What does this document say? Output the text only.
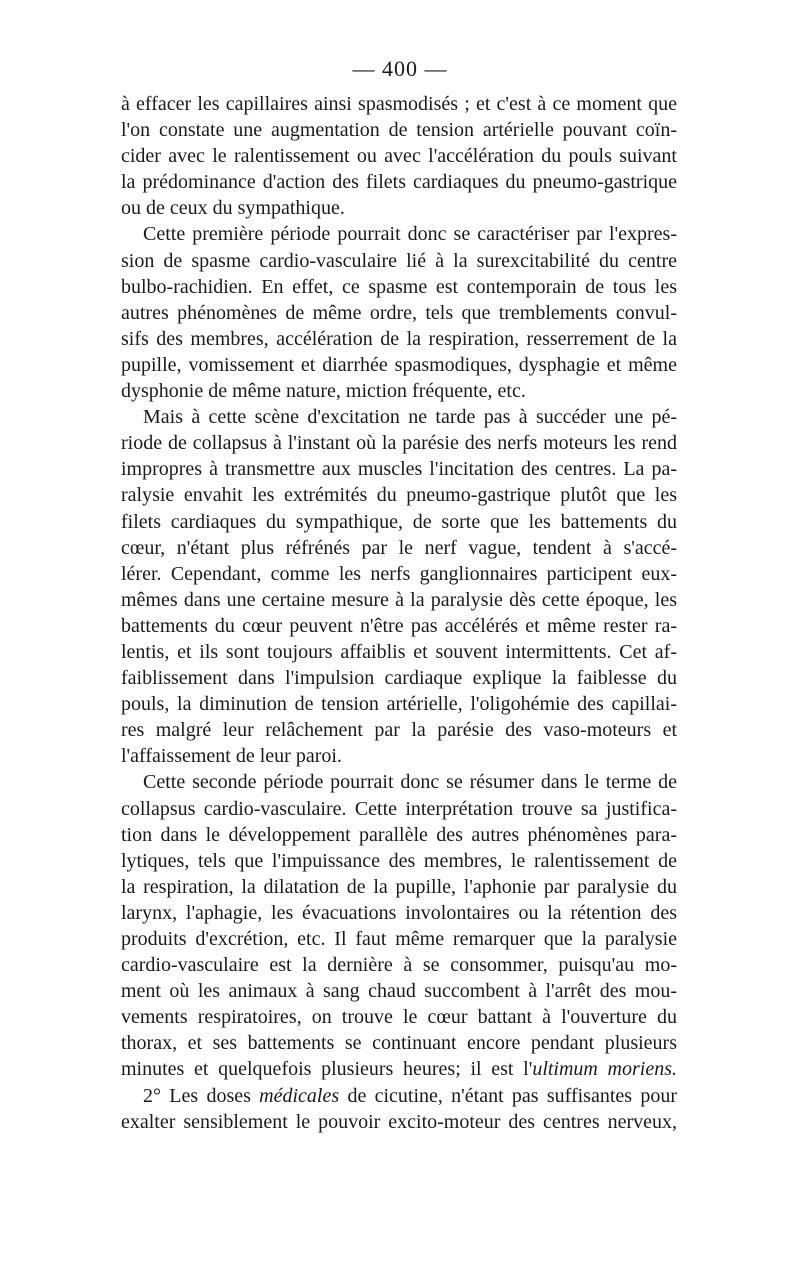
— 400 —

à effacer les capillaires ainsi spasmodisés ; et c'est à ce moment que
l'on constate une augmentation de tension artérielle pouvant coïn-
cider avec le ralentissement ou avec l'accélération du pouls suivant
la prédominance d'action des filets cardiaques du pneumo-gastrique
ou de ceux du sympathique.

Cette première période pourrait donc se caractériser par l'expres-
sion de spasme cardio-vasculaire lié à la surexcitabilité du centre
bulbo-rachidien. En effet, ce spasme est contemporain de tous les
autres phénomènes de même ordre, tels que tremblements convul-
sifs des membres, accélération de la respiration, resserrement de la
pupille, vomissement et diarrhée spasmodiques, dysphagie et même
dysphonie de même nature, miction fréquente, etc.

Mais à cette scène d'excitation ne tarde pas à succéder une pé-
riode de collapsus à l'instant où la parésie des nerfs moteurs les rend
impropres à transmettre aux muscles l'incitation des centres. La pa-
ralysie envahit les extrémités du pneumo-gastrique plutôt que les
filets cardiaques du sympathique, de sorte que les battements du
cœur, n'étant plus réfrénés par le nerf vague, tendent à s'accé-
lérer. Cependant, comme les nerfs ganglionnaires participent eux-
mêmes dans une certaine mesure à la paralysie dès cette époque, les
battements du cœur peuvent n'être pas accélérés et même rester ra-
lentis, et ils sont toujours affaiblis et souvent intermittents. Cet af-
faiblissement dans l'impulsion cardiaque explique la faiblesse du
pouls, la diminution de tension artérielle, l'oligohémie des capillai-
res malgré leur relâchement par la parésie des vaso-moteurs et
l'affaissement de leur paroi.

Cette seconde période pourrait donc se résumer dans le terme de
collapsus cardio-vasculaire. Cette interprétation trouve sa justifica-
tion dans le développement parallèle des autres phénomènes para-
lytiques, tels que l'impuissance des membres, le ralentissement de
la respiration, la dilatation de la pupille, l'aphonie par paralysie du
larynx, l'aphagie, les évacuations involontaires ou la rétention des
produits d'excrétion, etc. Il faut même remarquer que la paralysie
cardio-vasculaire est la dernière à se consommer, puisqu'au mo-
ment où les animaux à sang chaud succombent à l'arrêt des mou-
vements respiratoires, on trouve le cœur battant à l'ouverture du
thorax, et ses battements se continuant encore pendant plusieurs
minutes et quelquefois plusieurs heures; il est l'ultimum moriens.

2° Les doses médicales de cicutine, n'étant pas suffisantes pour
exalter sensiblement le pouvoir excito-moteur des centres nerveux,
